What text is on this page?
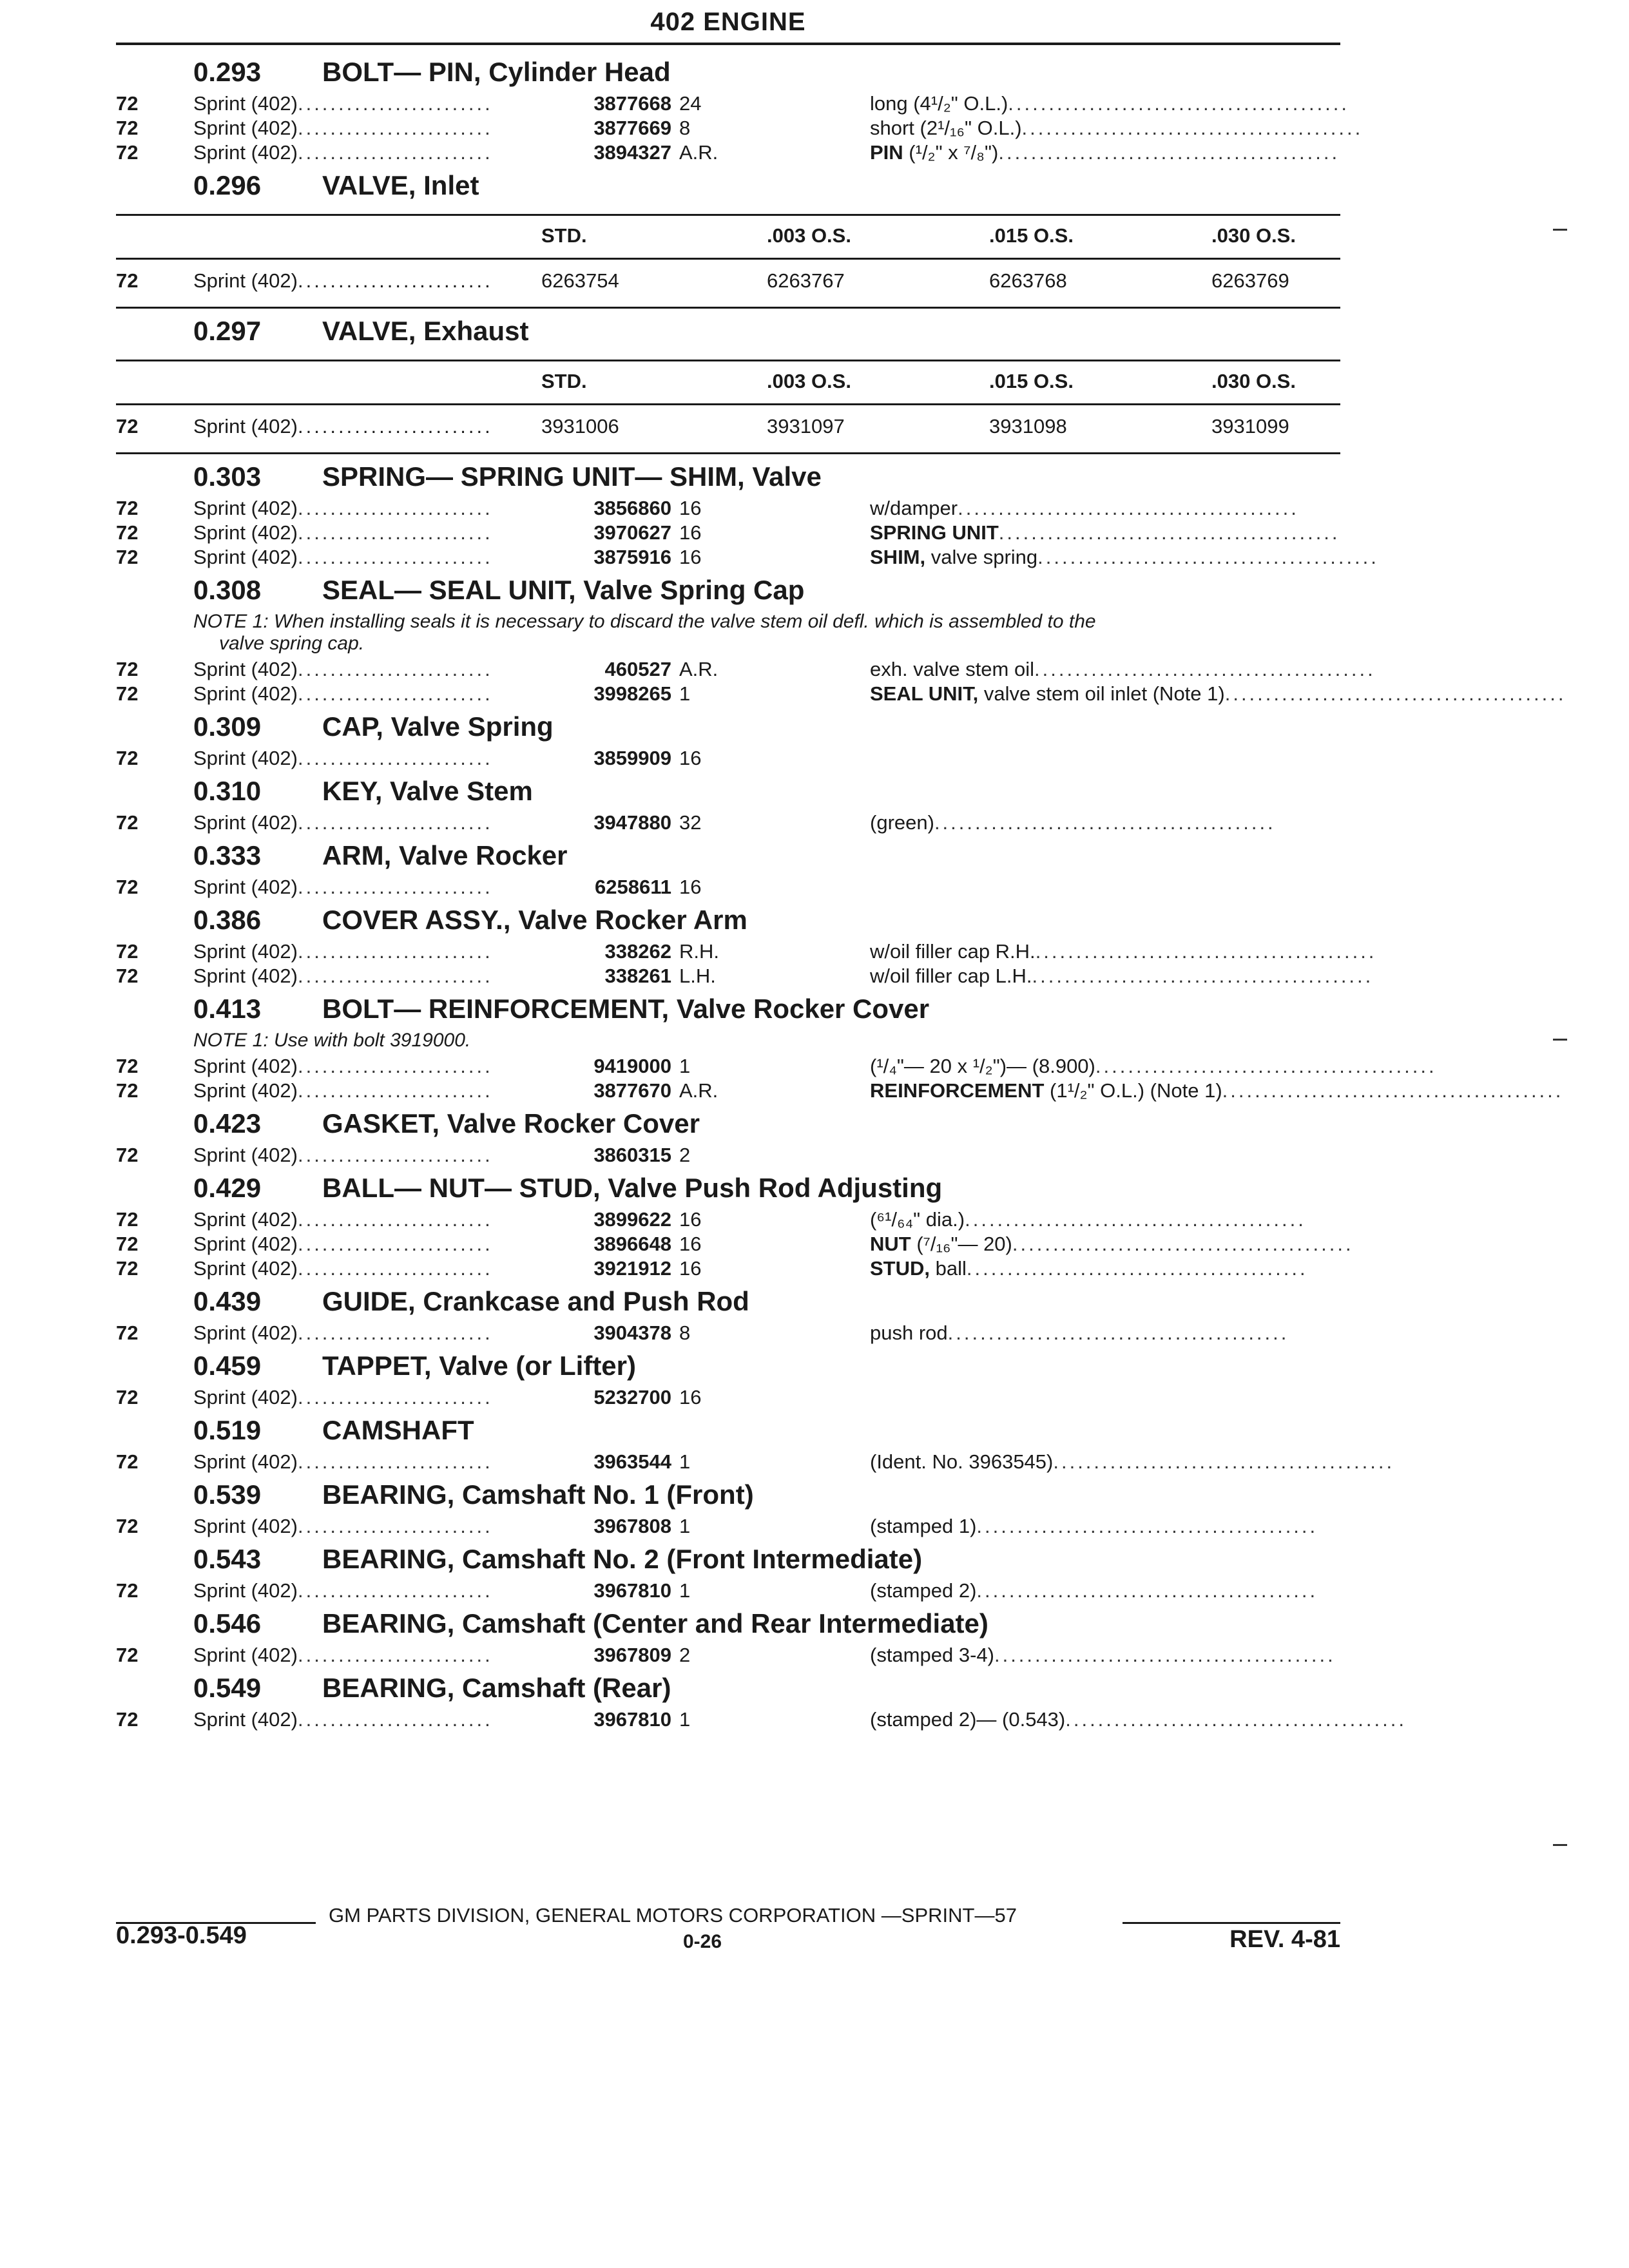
402 ENGINE
0.293 BOLT— PIN, Cylinder Head
72	Sprint (402)........................	3877668 24	long (4¹/₂" O.L.)..........................................
72	Sprint (402)........................	3877669 8	short (2¹/₁₆" O.L.)..........................................
72	Sprint (402)........................	3894327 A.R.	PIN (¹/₂" x ⁷/₈")..........................................
0.296 VALVE, Inlet
STD.	.003 O.S.	.015 O.S.	.030 O.S.
72	Sprint (402)........................ 6263754	6263767	6263768	6263769
0.297 VALVE, Exhaust
STD.	.003 O.S.	.015 O.S.	.030 O.S.
72	Sprint (402)........................ 3931006	3931097	3931098	3931099
0.303 SPRING— SPRING UNIT— SHIM, Valve
72	Sprint (402)........................	3856860 16	w/damper..........................................
72	Sprint (402)........................	3970627 16	SPRING UNIT..........................................
72	Sprint (402)........................	3875916 16	SHIM, valve spring..........................................
0.308 SEAL— SEAL UNIT, Valve Spring Cap
NOTE 1: When installing seals it is necessary to discard the valve stem oil defl. which is assembled to the
valve spring cap.
72	Sprint (402)........................	460527 A.R.	exh. valve stem oil..........................................
72	Sprint (402)........................	3998265 1	SEAL UNIT, valve stem oil inlet (Note 1)..........................................
0.309 CAP, Valve Spring
72	Sprint (402)........................	3859909 16
0.310 KEY, Valve Stem
72	Sprint (402)........................	3947880 32	(green)..........................................
0.333 ARM, Valve Rocker
72	Sprint (402)........................	6258611 16
0.386 COVER ASSY., Valve Rocker Arm
72	Sprint (402)........................	338262 R.H.	w/oil filler cap R.H...........................................
72	Sprint (402)........................	338261 L.H.	w/oil filler cap L.H...........................................
0.413 BOLT— REINFORCEMENT, Valve Rocker Cover
NOTE 1: Use with bolt 3919000.
72	Sprint (402)........................	9419000 1	(¹/₄"— 20 x ¹/₂")— (8.900)..........................................
72	Sprint (402)........................	3877670 A.R.	REINFORCEMENT (1¹/₂" O.L.) (Note 1)..........................................
0.423 GASKET, Valve Rocker Cover
72	Sprint (402)........................	3860315 2
0.429 BALL— NUT— STUD, Valve Push Rod Adjusting
72	Sprint (402)........................	3899622 16	(⁶¹/₆₄" dia.)..........................................
72	Sprint (402)........................	3896648 16	NUT (⁷/₁₆"— 20)..........................................
72	Sprint (402)........................	3921912 16	STUD, ball..........................................
0.439 GUIDE, Crankcase and Push Rod
72	Sprint (402)........................	3904378 8	push rod..........................................
0.459 TAPPET, Valve (or Lifter)
72	Sprint (402)........................	5232700 16
0.519 CAMSHAFT
72	Sprint (402)........................	3963544 1	(Ident. No. 3963545)..........................................
0.539 BEARING, Camshaft No. 1 (Front)
72	Sprint (402)........................	3967808 1	(stamped 1)..........................................
0.543 BEARING, Camshaft No. 2 (Front Intermediate)
72	Sprint (402)........................	3967810 1	(stamped 2)..........................................
0.546 BEARING, Camshaft (Center and Rear Intermediate)
72	Sprint (402)........................	3967809 2	(stamped 3-4)..........................................
0.549 BEARING, Camshaft (Rear)
72	Sprint (402)........................	3967810 1	(stamped 2)— (0.543)..........................................
GM PARTS DIVISION, GENERAL MOTORS CORPORATION —SPRINT—57
0.293-0.549	0-26	REV. 4-81
